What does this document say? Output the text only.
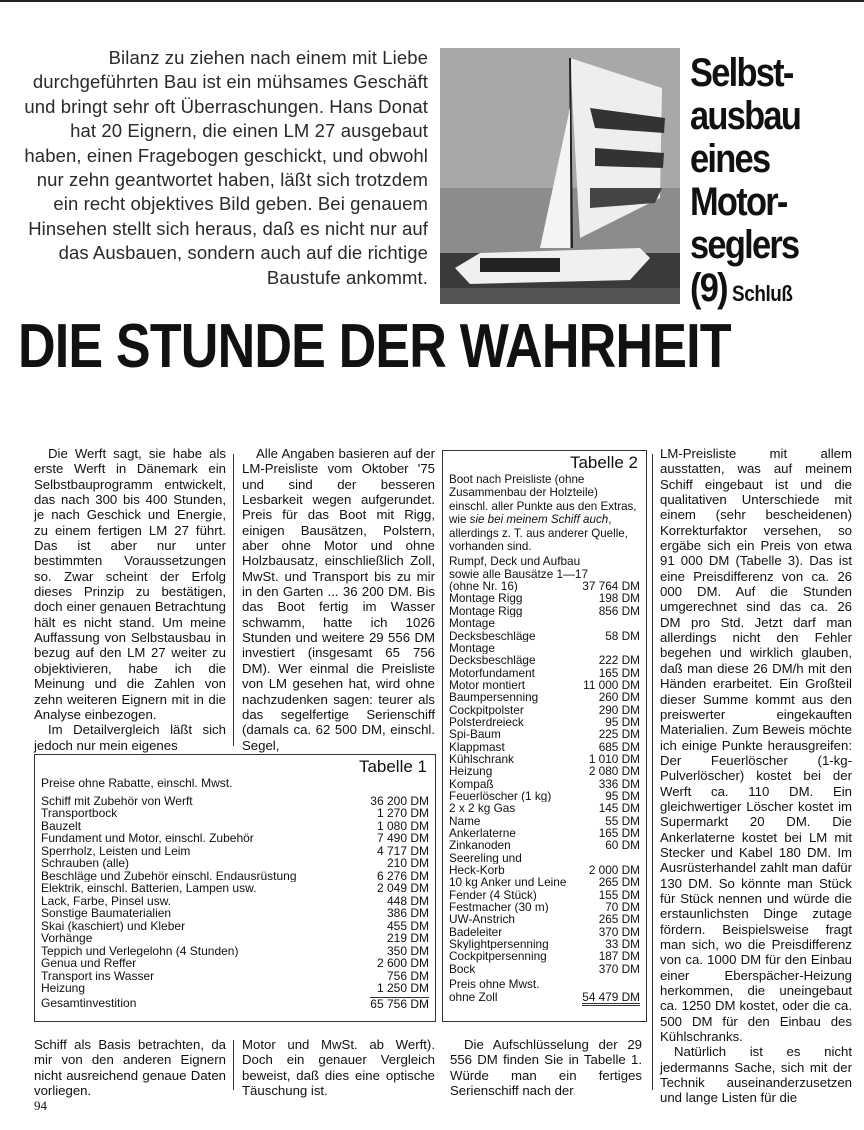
Bilanz zu ziehen nach einem mit Liebe durchgeführten Bau ist ein mühsames Geschäft und bringt sehr oft Überraschungen. Hans Donat hat 20 Eignern, die einen LM 27 ausgebaut haben, einen Fragebogen geschickt, und obwohl nur zehn geantwortet haben, läßt sich trotzdem ein recht objektives Bild geben. Bei genauem Hinsehen stellt sich heraus, daß es nicht nur auf das Ausbauen, sondern auch auf die richtige Baustufe ankommt.
Selbst-
ausbau
eines
Motor-
seglers
(9) Schluß
DIE STUNDE DER WAHRHEIT

Die Werft sagt, sie habe als erste Werft in Dänemark ein Selbstbauprogramm entwickelt, das nach 300 bis 400 Stunden, je nach Geschick und Energie, zu einem fertigen LM 27 führt. Das ist aber nur unter bestimmten Voraussetzungen so. Zwar scheint der Erfolg dieses Prinzip zu bestätigen, doch einer genauen Betrachtung hält es nicht stand. Um meine Auffassung von Selbstausbau in bezug auf den LM 27 weiter zu objektivieren, habe ich die Meinung und die Zahlen von zehn weiteren Eignern mit in die Analyse einbezogen.

Im Detailvergleich läßt sich jedoch nur mein eigenes

Schiff als Basis betrachten, da mir von den anderen Eignern nicht ausreichend genaue Daten vorliegen.

Alle Angaben basieren auf der LM-Preisliste vom Oktober '75 und sind der besseren Lesbarkeit wegen aufgerundet. Preis für das Boot mit Rigg, einigen Bausätzen, Polstern, aber ohne Motor und ohne Holzbausatz, einschließlich Zoll, MwSt. und Transport bis zu mir in den Garten ... 36 200 DM. Bis das Boot fertig im Wasser schwamm, hatte ich 1026 Stunden und weitere 29 556 DM investiert (insgesamt 65 756 DM). Wer einmal die Preisliste von LM gesehen hat, wird ohne nachzudenken sagen: teurer als das segelfertige Serienschiff (damals ca. 62 500 DM, einschl. Segel,

Motor und MwSt. ab Werft). Doch ein genauer Vergleich beweist, daß dies eine optische Täuschung ist.

Die Aufschlüsselung der 29 556 DM finden Sie in Tabelle 1. Würde man ein fertiges Serienschiff nach der

LM-Preisliste mit allem ausstatten, was auf meinem Schiff eingebaut ist und die qualitativen Unterschiede mit einem (sehr bescheidenen) Korrekturfaktor versehen, so ergäbe sich ein Preis von etwa 91 000 DM (Tabelle 3). Das ist eine Preisdifferenz von ca. 26 000 DM. Auf die Stunden umgerechnet sind das ca. 26 DM pro Std. Jetzt darf man allerdings nicht den Fehler begehen und wirklich glauben, daß man diese 26 DM/h mit den Händen erarbeitet. Ein Großteil dieser Summe kommt aus den preiswerter eingekauften Materialien. Zum Beweis möchte ich einige Punkte herausgreifen: Der Feuerlöscher (1-kg-Pulverlöscher) kostet bei der Werft ca. 110 DM. Ein gleichwertiger Löscher kostet im Supermarkt 20 DM. Die Ankerlaterne kostet bei LM mit Stecker und Kabel 180 DM. Im Ausrüsterhandel zahlt man dafür 130 DM. So könnte man Stück für Stück nennen und würde die erstaunlichsten Dinge zutage fördern. Beispielsweise fragt man sich, wo die Preisdifferenz von ca. 1000 DM für den Einbau einer Eberspächer-Heizung herkommen, die uneingebaut ca. 1250 DM kostet, oder die ca. 500 DM für den Einbau des Kühlschranks.

Natürlich ist es nicht jedermanns Sache, sich mit der Technik auseinanderzusetzen und lange Listen für die

Tabelle 1
Preise ohne Rabatte, einschl. Mwst.
Schiff mit Zubehör von Werft	36 200 DM
Transportbock	1 270 DM
Bauzelt	1 080 DM
Fundament und Motor, einschl. Zubehör	7 490 DM
Sperrholz, Leisten und Leim	4 717 DM
Schrauben (alle)	210 DM
Beschläge und Zubehör einschl. Endausrüstung	6 276 DM
Elektrik, einschl. Batterien, Lampen usw.	2 049 DM
Lack, Farbe, Pinsel usw.	448 DM
Sonstige Baumaterialien	386 DM
Skai (kaschiert) und Kleber	455 DM
Vorhänge	219 DM
Teppich und Verlegelohn (4 Stunden)	350 DM
Genua und Reffer	2 600 DM
Transport ins Wasser	756 DM
Heizung	1 250 DM
Gesamtinvestition	65 756 DM
Tabelle 2
Boot nach Preisliste (ohne Zusammenbau der Holzteile) einschl. aller Punkte aus den Extras, wie sie bei meinem Schiff auch, allerdings z. T. aus anderer Quelle, vorhanden sind.
Rumpf, Deck und Aufbau
sowie alle Bausätze 1—17
(ohne Nr. 16)	37 764 DM
Montage Rigg	198 DM
Montage Rigg	856 DM
Montage
Decksbeschläge	58 DM
Montage
Decksbeschläge	222 DM
Motorfundament	165 DM
Motor montiert	11 000 DM
Baumpersenning	260 DM
Cockpitpolster	290 DM
Polsterdreieck	95 DM
Spi-Baum	225 DM
Klappmast	685 DM
Kühlschrank	1 010 DM
Heizung	2 080 DM
Kompaß	336 DM
Feuerlöscher (1 kg)	95 DM
2 x 2 kg Gas	145 DM
Name	55 DM
Ankerlaterne	165 DM
Zinkanoden	60 DM
Seereling und
Heck-Korb	2 000 DM
10 kg Anker und Leine	265 DM
Fender (4 Stück)	155 DM
Festmacher (30 m)	70 DM
UW-Anstrich	265 DM
Badeleiter	370 DM
Skylightpersenning	33 DM
Cockpitpersenning	187 DM
Bock	370 DM
Preis ohne Mwst.
ohne Zoll	54 479 DM
94
